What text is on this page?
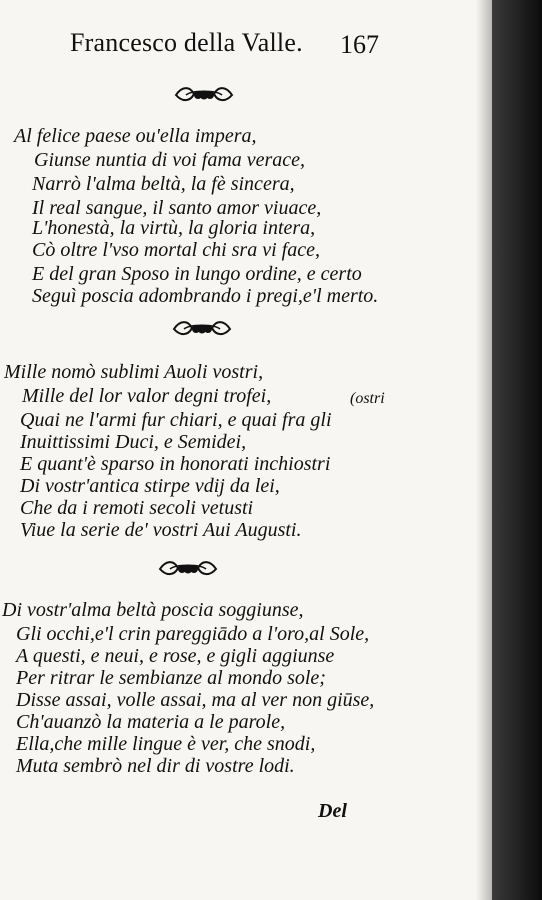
Francesco della Valle. 167
Al felice paese ou'ella impera,
Giunse nuntia di voi fama verace,
Narrò l'alma beltà, la fè sincera,
Il real sangue, il santo amor viuace,
L'honestà, la virtù, la gloria intera,
Cò oltre l'vso mortal chi sra vi face,
E del gran Sposo in lungo ordine, e certo
Seguì poscia adombrando i pregi,e'l merto.
Mille nomò sublimi Auoli vostri,
Mille del lor valor degni trofei,	(ostri
Quai ne l'armi fur chiari, e quai fra gli
Inuittissimi Duci, e Semidei,
E quant'è sparso in honorati inchiostri
Di vostr'antica stirpe vdij da lei,
Che da i remoti secoli vetusti
Viue la serie de' vostri Aui Augusti.
Di vostr'alma beltà poscia soggiunse,
Gli occhi,e'l crin pareggiādo a l'oro,al Sole,
A questi, e neui, e rose, e gigli aggiunse
Per ritrar le sembianze al mondo sole;
Disse assai, volle assai, ma al ver non giūse,
Ch'auanzò la materia a le parole,
Ella,che mille lingue è ver, che snodi,
Muta sembrò nel dir di vostre lodi.
Del
